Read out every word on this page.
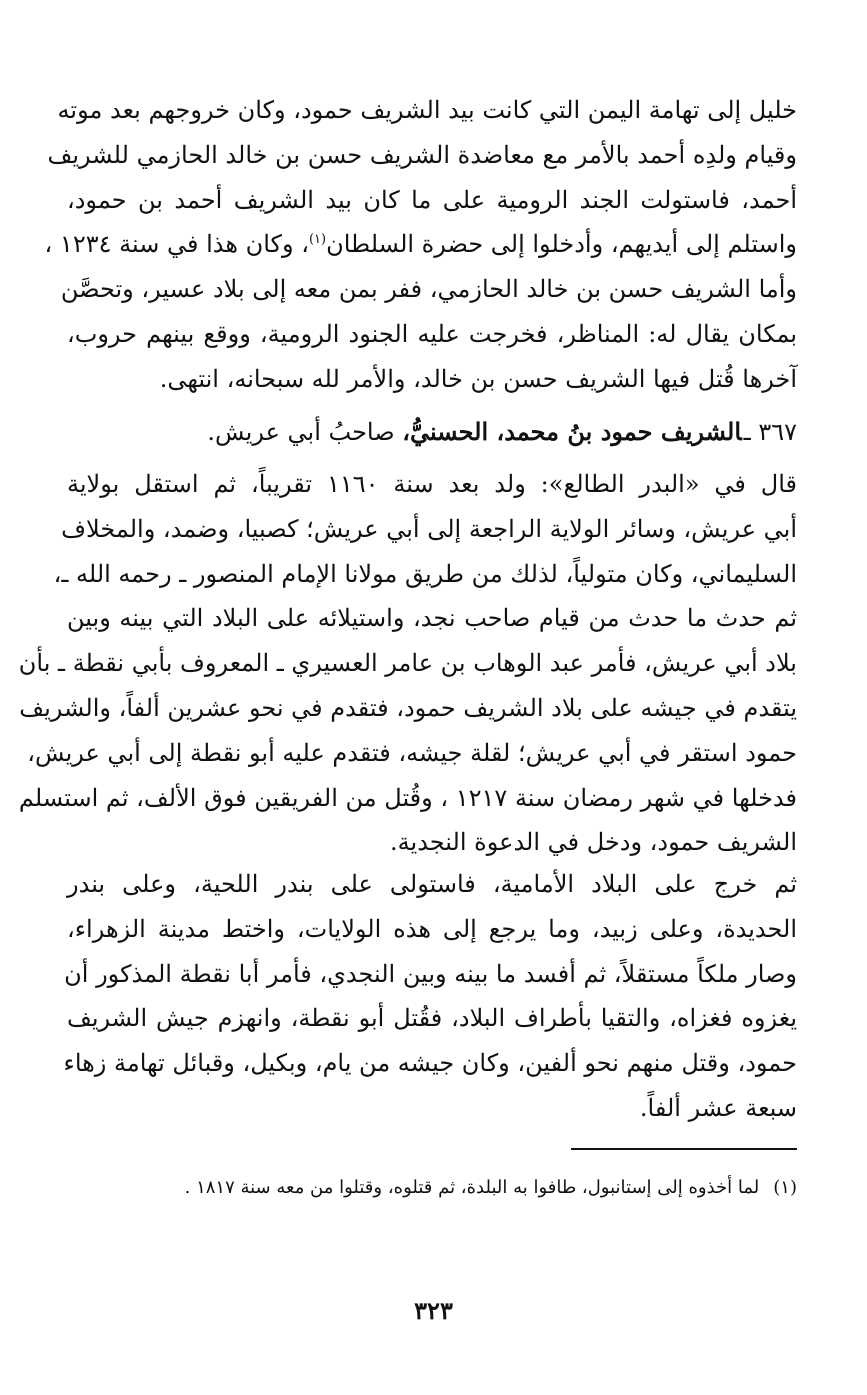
خليل إلى تهامة اليمن التي كانت بيد الشريف حمود، وكان خروجهم بعد موته
وقيام ولدِه أحمد بالأمر مع معاضدة الشريف حسن بن خالد الحازمي للشريف
أحمد، فاستولت الجند الرومية على ما كان بيد الشريف أحمد بن حمود،
واستلم إلى أيديهم، وأدخلوا إلى حضرة السلطان$^{(١)}$، وكان هذا في سنة ١٢٣٤ ،
وأما الشريف حسن بن خالد الحازمي، ففر بمن معه إلى بلاد عسير، وتحصَّن
بمكان يقال له: المناظر، فخرجت عليه الجنود الرومية، ووقع بينهم حروب،
آخرها قُتل فيها الشريف حسن بن خالد، والأمر لله سبحانه، انتهى.
٣٦٧ ـالشريف حمود بنُ محمد، الحسنيُّ، صاحبُ أبي عريش.
قال في «البدر الطالع»: ولد بعد سنة ١١٦٠ تقريباً، ثم استقل بولاية
أبي عريش، وسائر الولاية الراجعة إلى أبي عريش؛ كصبيا، وضمد، والمخلاف
السليماني، وكان متولياً، لذلك من طريق مولانا الإمام المنصور ـ رحمه الله ـ،
ثم حدث ما حدث من قيام صاحب نجد، واستيلائه على البلاد التي بينه وبين
بلاد أبي عريش، فأمر عبد الوهاب بن عامر العسيري ـ المعروف بأبي نقطة ـ بأن
يتقدم في جيشه على بلاد الشريف حمود، فتقدم في نحو عشرين ألفاً، والشريف
حمود استقر في أبي عريش؛ لقلة جيشه، فتقدم عليه أبو نقطة إلى أبي عريش،
فدخلها في شهر رمضان سنة ١٢١٧ ، وقُتل من الفريقين فوق الألف، ثم استسلم
الشريف حمود، ودخل في الدعوة النجدية.
ثم خرج على البلاد الأمامية، فاستولى على بندر اللحية، وعلى بندر
الحديدة، وعلى زبيد، وما يرجع إلى هذه الولايات، واختط مدينة الزهراء،
وصار ملكاً مستقلاً، ثم أفسد ما بينه وبين النجدي، فأمر أبا نقطة المذكور أن
يغزوه فغزاه، والتقيا بأطراف البلاد، فقُتل أبو نقطة، وانهزم جيش الشريف
حمود، وقتل منهم نحو ألفين، وكان جيشه من يام، وبكيل، وقبائل تهامة زهاء
سبعة عشر ألفاً.
(١)لما أخذوه إلى إستانبول، طافوا به البلدة، ثم قتلوه، وقتلوا من معه سنة ١٨١٧ .
٣٢٣
